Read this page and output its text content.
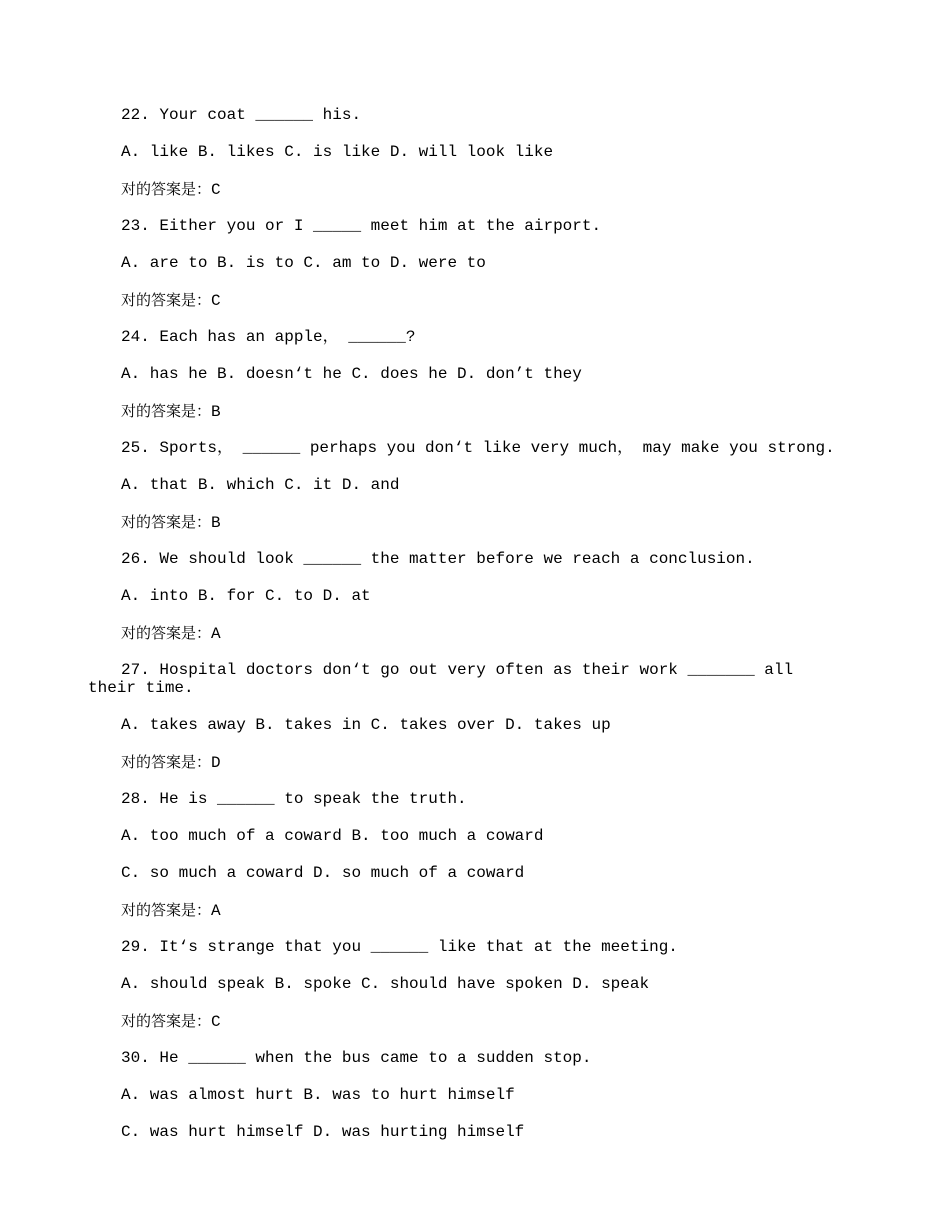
22. Your coat ______ his.
A. like B. likes C. is like D. will look like
对的答案是：C
23. Either you or I _____ meet him at the airport.
A. are to B. is to C. am to D. were to
对的答案是：C
24. Each has an apple， ______?
A. has he B. doesn‘t he C. does he D. don’t they
对的答案是：B
25. Sports， ______ perhaps you don‘t like very much， may make you strong.
A. that B. which C. it D. and
对的答案是：B
26. We should look ______ the matter before we reach a conclusion.
A. into B. for C. to D. at
对的答案是：A
27. Hospital doctors don‘t go out very often as their work _______ all their time.
A. takes away B. takes in C. takes over D. takes up
对的答案是：D
28. He is ______ to speak the truth.
A. too much of a coward B. too much a coward
C. so much a coward D. so much of a coward
对的答案是：A
29. It‘s strange that you ______ like that at the meeting.
A. should speak B. spoke C. should have spoken D. speak
对的答案是：C
30. He ______ when the bus came to a sudden stop.
A. was almost hurt B. was to hurt himself
C. was hurt himself D. was hurting himself
